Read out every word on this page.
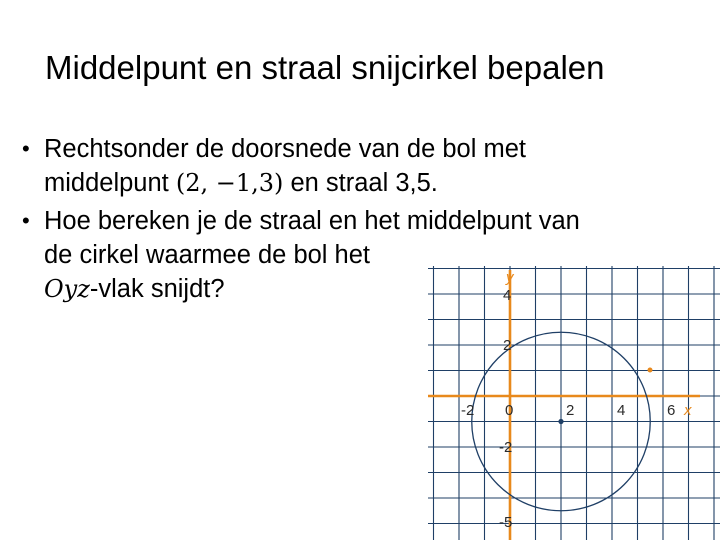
Middelpunt en straal snijcirkel bepalen
• Rechtsonder de doorsnede van de bol met
middelpunt (2, −1,3) en straal 3,5.
• Hoe bereken je de straal en het middelpunt van
de cirkel waarmee de bol het
Oyz-vlak snijdt?	y
x
-2 0	2	4	6
4
2
-2
-5
